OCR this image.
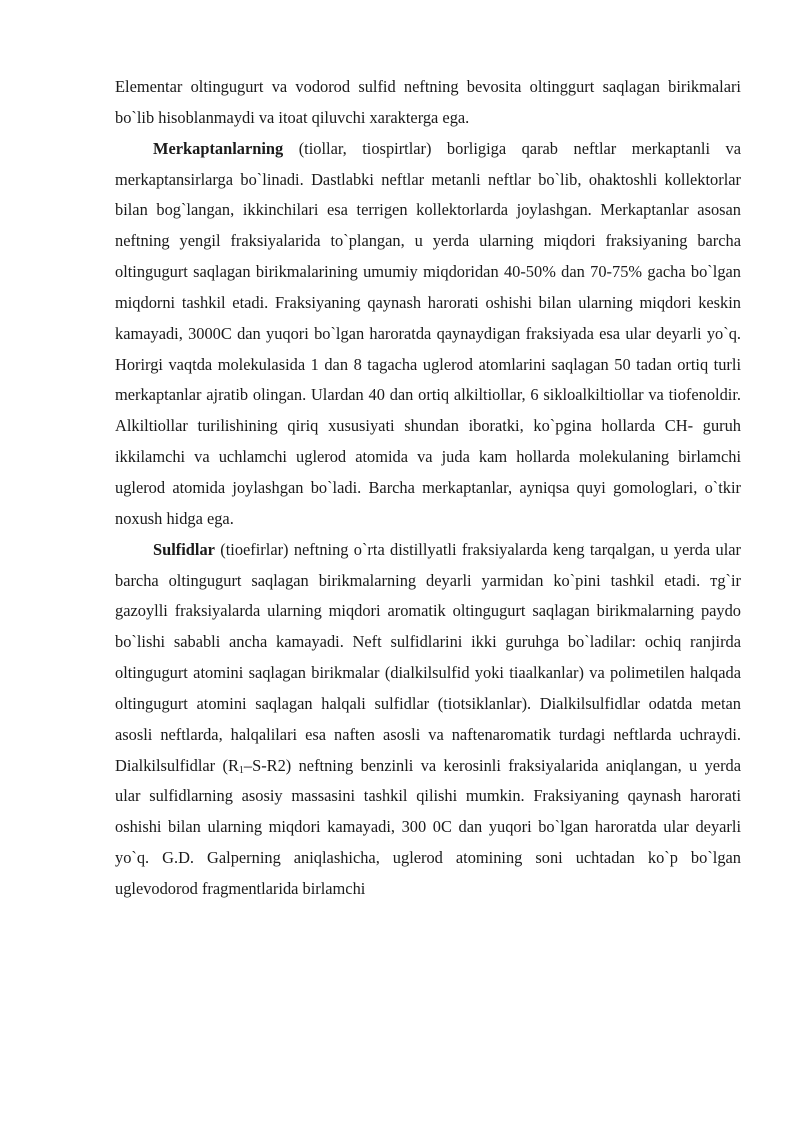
Elementar oltingugurt va vodorod sulfid neftning bevosita oltinggurt saqlagan birikmalari bo`lib hisoblanmaydi va itoat qiluvchi xarakterga ega.

Merkaptanlarning (tiollar, tiospirtlar) borligiga qarab neftlar merkaptanli va merkaptansirlarga bo`linadi. Dastlabki neftlar metanli neftlar bo`lib, ohaktoshli kollektorlar bilan bog`langan, ikkinchilari esa terrigen kollektorlarda joylashgan. Merkaptanlar asosan neftning yengil fraksiyalarida to`plangan, u yerda ularning miqdori fraksiyaning barcha oltingugurt saqlagan birikmalarining umumiy miqdoridan 40-50% dan 70-75% gacha bo`lgan miqdorni tashkil etadi. Fraksiyaning qaynash harorati oshishi bilan ularning miqdori keskin kamayadi, 3000C dan yuqori bo`lgan haroratda qaynaydigan fraksiyada esa ular deyarli yo`q. Horirgi vaqtda molekulasida 1 dan 8 tagacha uglerod atomlarini saqlagan 50 tadan ortiq turli merkaptanlar ajratib olingan. Ulardan 40 dan ortiq alkiltiollar, 6 sikloalkiltiollar va tiofenoldir. Alkiltiollar turilishining qiriq xususiyati shundan iboratki, ko`pgina hollarda CH- guruh ikkilamchi va uchlamchi uglerod atomida va juda kam hollarda molekulaning birlamchi uglerod atomida joylashgan bo`ladi. Barcha merkaptanlar, ayniqsa quyi gomologlari, o`tkir noxush hidga ega.

Sulfidlar (tioefirlar) neftning o`rta distillyatli fraksiyalarda keng tarqalgan, u yerda ular barcha oltingugurt saqlagan birikmalarning deyarli yarmidan ko`pini tashkil etadi. тg`ir gazoylli fraksiyalarda ularning miqdori aromatik oltingugurt saqlagan birikmalarning paydo bo`lishi sababli ancha kamayadi. Neft sulfidlarini ikki guruhga bo`ladilar: ochiq ranjirda oltingugurt atomini saqlagan birikmalar (dialkilsulfid yoki tiaalkanlar) va polimetilen halqada oltingugurt atomini saqlagan halqali sulfidlar (tiotsiklanlar). Dialkilsulfidlar odatda metan asosli neftlarda, halqalilari esa naften asosli va naftenaromatik turdagi neftlarda uchraydi. Dialkilsulfidlar $(R_1-S-R2)$ neftning benzinli va kerosinli fraksiyalarida aniqlangan, u yerda ular sulfidlarning asosiy massasini tashkil qilishi mumkin. Fraksiyaning qaynash harorati oshishi bilan ularning miqdori kamayadi, 300 0C dan yuqori bo`lgan haroratda ular deyarli yo`q. G.D. Galperning aniqlashicha, uglerod atomining soni uchtadan ko`p bo`lgan uglevodorod fragmentlarida birlamchi
